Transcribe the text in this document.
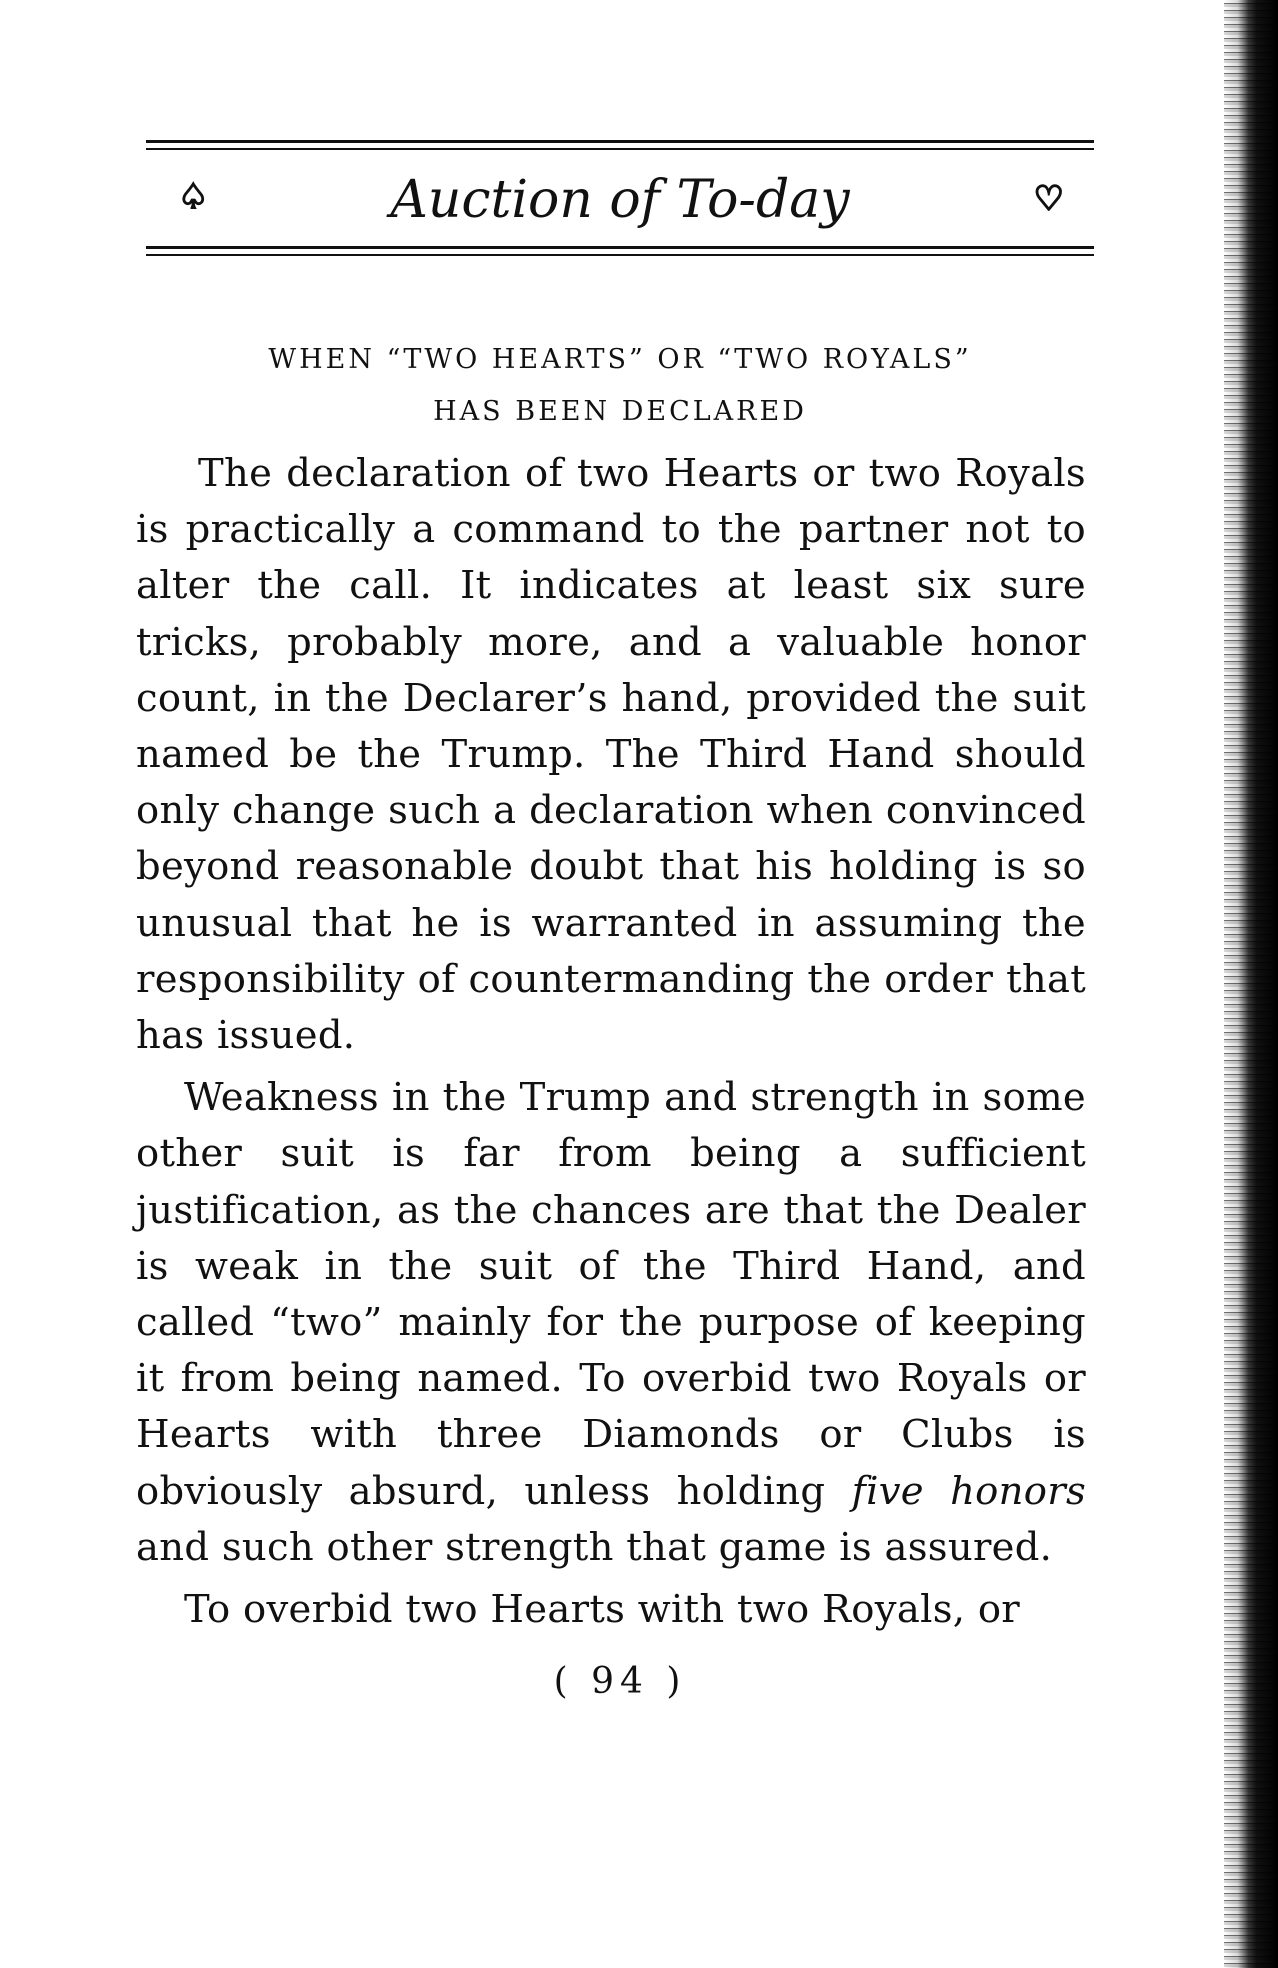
♤	Auction of To-day	♡
WHEN “TWO HEARTS” OR “TWO ROYALS”
HAS BEEN DECLARED

The declaration of two Hearts or two Royals is practically a command to the partner not to alter the call. It indicates at least six sure tricks, probably more, and a valuable honor count, in the Declarer’s hand, provided the suit named be the Trump. The Third Hand should only change such a declaration when convinced beyond reasonable doubt that his holding is so unusual that he is warranted in assuming the responsibility of countermanding the order that has issued.

Weakness in the Trump and strength in some other suit is far from being a sufficient justification, as the chances are that the Dealer is weak in the suit of the Third Hand, and called “two” mainly for the purpose of keeping it from being named. To overbid two Royals or Hearts with three Diamonds or Clubs is obviously absurd, unless holding five honors and such other strength that game is assured.

To overbid two Hearts with two Royals, or

( 94 )
